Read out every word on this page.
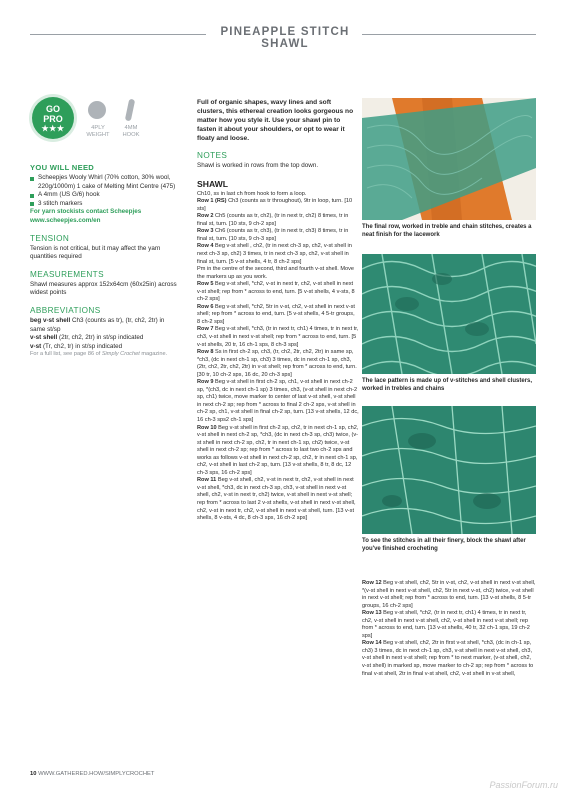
PINEAPPLE STITCH SHAWL
GO
PRO
★★★	4PLY WEIGHT
4MM HOOK
YOU WILL NEED
Scheepjes Wooly Whirl (70% cotton, 30% wool, 220g/1000m) 1 cake of Melting Mint Centre (475)
A 4mm (US G/6) hook
3 stitch markers
For yarn stockists contact Scheepjes www.scheepjes.com/en
TENSION
Tension is not critical, but it may affect the yarn quantities required
MEASUREMENTS
Shawl measures approx 152x64cm (60x25in) across widest points
ABBREVIATIONS
beg v-st shell Ch3 (counts as tr), (tr, ch2, 2tr) in same st/sp
v-st shell (2tr, ch2, 2tr) in st/sp indicated
v-st (Tr, ch2, tr) in st/sp indicated
For a full list, see page 86 of Simply Crochet magazine.
Full of organic shapes, wavy lines and soft clusters, this ethereal creation looks gorgeous no matter how you style it. Use your shawl pin to fasten it about your shoulders, or opt to wear it floaty and loose.
NOTES
Shawl is worked in rows from the top down.
SHAWL
Ch10, ss in last ch from hook to form a loop.
Row 1 (RS) Ch3 (counts as tr throughout), 9tr in loop, turn. [10 sts]
Row 2 Ch5 (counts as tr, ch2), (tr in next tr, ch2) 8 times, tr in final st, turn. [10 sts, 9 ch-2 sps]
Row 3 Ch6 (counts as tr, ch3), (tr in next tr, ch3) 8 times, tr in final st, turn. [10 sts, 9 ch-3 sps]
Row 4 Beg v-st shell , ch2, (tr in next ch-3 sp, ch2, v-st shell in next ch-3 sp, ch2) 3 times, tr in next ch-3 sp, ch2, v-st shell in final st, turn. [5 v-st shells, 4 tr, 8 ch-2 sps]
Pm in the centre of the second, third and fourth v-st shell. Move the markers up as you work.
Row 5 Beg v-st shell, *ch2, v-st in next tr, ch2, v-st shell in next v-st shell; rep from * across to end, turn. [5 v-st shells, 4 v-sts, 8 ch-2 sps]
Row 6 Beg v-st shell, *ch2, 5tr in v-st, ch2, v-st shell in next v-st shell; rep from * across to end, turn. [5 v-st shells, 4 5-tr groups, 8 ch-2 sps]
Row 7 Beg v-st shell, *ch3, (tr in next tr, ch1) 4 times, tr in next tr, ch3, v-st shell in next v-st shell; rep from * across to end, turn. [5 v-st shells, 20 tr, 16 ch-1 sps, 8 ch-3 sps]
Row 8 Ss in first ch-2 sp, ch3, (tr, ch2, 2tr, ch2, 2tr) in same sp, *ch3, (dc in next ch-1 sp, ch3) 3 times, dc in next ch-1 sp, ch3, (2tr, ch2, 2tr, ch2, 2tr) in v-st shell; rep from * across to end, turn. [30 tr, 10 ch-2 sps, 16 dc, 20 ch-3 sps]
Row 9 Beg v-st shell in first ch-2 sp, ch1, v-st shell in next ch-2 sp, *(ch3, dc in next ch-1 sp) 3 times, ch3, (v-st shell in next ch-2 sp, ch1) twice, move marker to center of last v-st shell, v-st shell in next ch-2 sp; rep from * across to final 2 ch-2 sps, v-st shell in ch-2 sp, ch1, v-st shell in final ch-2 sp, turn. [13 v-st shells, 12 dc, 16 ch-3 sps2 ch-1 sps]
Row 10 Beg v-st shell in first ch-2 sp, ch2, tr in next ch-1 sp, ch2, v-st shell in next ch-2 sp, *ch3, (dc in next ch-3 sp, ch3) twice, (v-st shell in next ch-2 sp, ch2, tr in next ch-1 sp, ch2) twice, v-st shell in next ch-2 sp; rep from * across to last two ch-2 sps and works as follows v-st shell in next ch-2 sp, ch2, tr in next ch-1 sp, ch2, v-st shell in last ch-2 sp, turn. [13 v-st shells, 8 tr, 8 dc, 12 ch-3 sps, 16 ch-2 sps]
Row 11 Beg v-st shell, ch2, v-st in next tr, ch2, v-st shell in next v-st shell, *ch3, dc in next ch-3 sp, ch3, v-st shell in next v-st shell, ch2, v-st in next tr, ch2) twice, v-st shell in next v-st shell; rep from * across to last 2 v-st shells, v-st shell in next v-st shell, ch2, v-st in next tr, ch2, v-st shell in next v-st shell, turn. [13 v-st shells, 8 v-sts, 4 dc, 8 ch-3 sps, 16 ch-2 sps]
The final row, worked in treble and chain stitches, creates a neat finish for the lacework
The lace pattern is made up of v-stitches and shell clusters, worked in trebles and chains
To see the stitches in all their finery, block the shawl after you've finished crocheting
Row 12 Beg v-st shell, ch2, 5tr in v-st, ch2, v-st shell in next v-st shell, *(v-st shell in next v-st shell, ch2, 5tr in next v-st, ch2) twice, v-st shell in next v-st shell; rep from * across to end, turn. [13 v-st shells, 8 5-tr groups, 16 ch-2 sps]
Row 13 Beg v-st shell, *ch2, (tr in next tr, ch1) 4 times, tr in next tr, ch2, v-st shell in next v-st shell, ch2, v-st shell in next v-st shell; rep from * across to end, turn. [13 v-st shells, 40 tr, 32 ch-1 sps, 19 ch-2 sps]
Row 14 Beg v-st shell, ch2, 2tr in first v-st shell, *ch3, (dc in ch-1 sp, ch3) 3 times, dc in next ch-1 sp, ch3, v-st shell in next v-st shell, ch3, v-st shell in next v-st shell; rep from * to next marker, (v-st shell, ch2, v-st shell) in marked sp, move marker to ch-2 sp; rep from * across to final v-st shell, 2tr in final v-st shell, ch2, v-st shell in v-st shell,
10 WWW.GATHERED.HOW/SIMPLYCROCHET
PassionForum.ru
